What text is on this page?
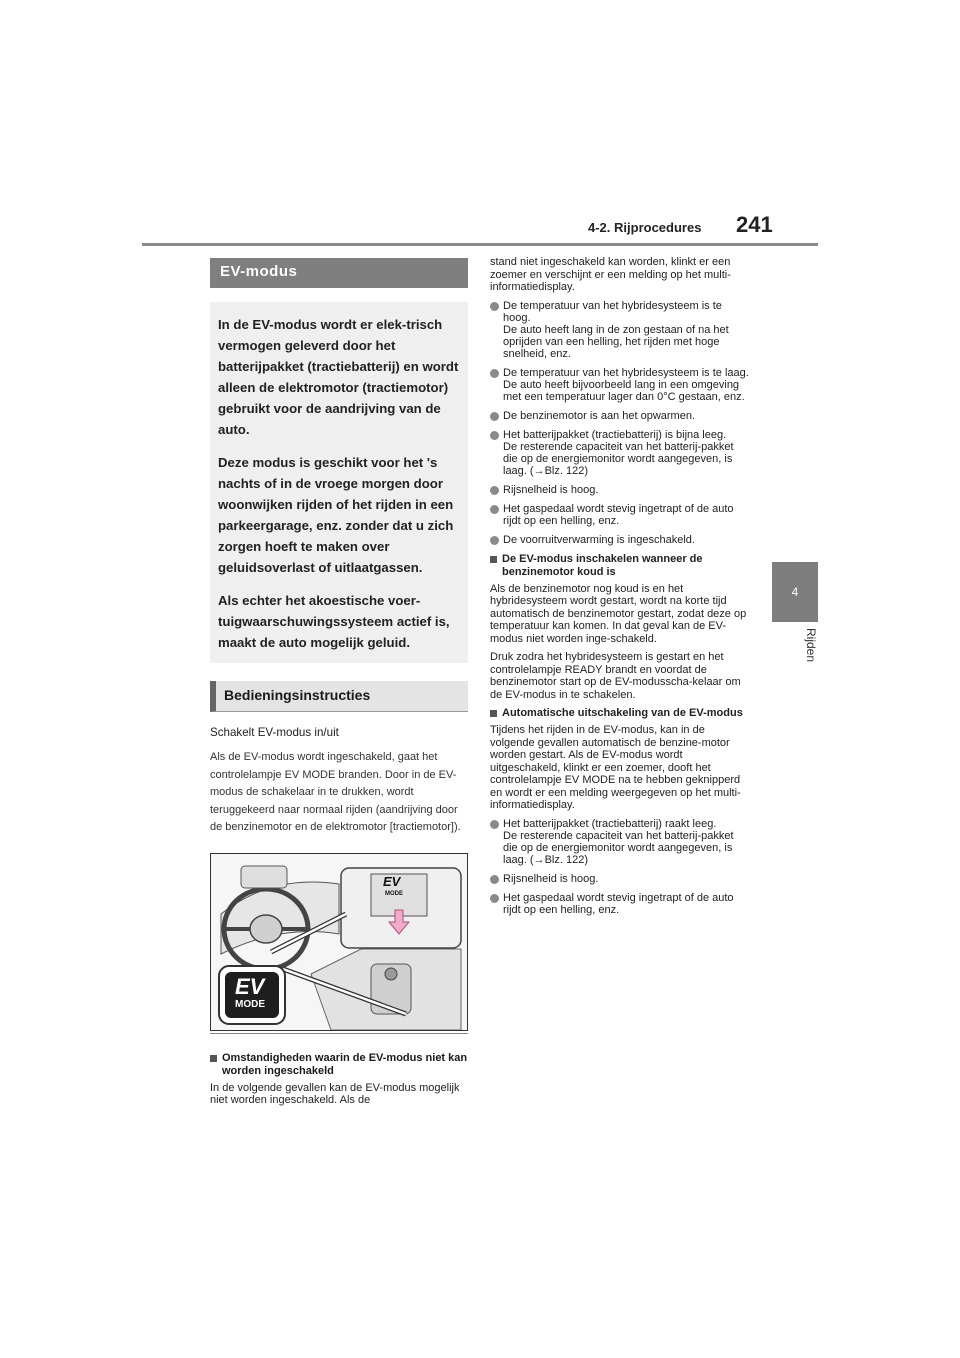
4-2. Rijprocedures 241
4
Rijden
EV-modus

In de EV-modus wordt er elek-trisch vermogen geleverd door het batterijpakket (tractiebatterij) en wordt alleen de elektromotor (tractiemotor) gebruikt voor de aandrijving van de auto.

Deze modus is geschikt voor het 's nachts of in de vroege morgen door woonwijken rijden of het rijden in een parkeergarage, enz. zonder dat u zich zorgen hoeft te maken over geluidsoverlast of uitlaatgassen.

Als echter het akoestische voer-tuigwaarschuwingssysteem actief is, maakt de auto mogelijk geluid.

Bedieningsinstructies
Schakelt EV-modus in/uit
Als de EV-modus wordt ingeschakeld, gaat het controlelampje EV MODE branden. Door in de EV-modus de schakelaar in te drukken, wordt teruggekeerd naar normaal rijden (aandrijving door de benzinemotor en de elektromotor [tractiemotor]).
EV
MODE
EV
MODE
Omstandigheden waarin de EV-modus niet kan worden ingeschakeld
In de volgende gevallen kan de EV-modus mogelijk niet worden ingeschakeld. Als de
stand niet ingeschakeld kan worden, klinkt er een zoemer en verschijnt er een melding op het multi-informatiedisplay.
De temperatuur van het hybridesysteem is te hoog.
De auto heeft lang in de zon gestaan of na het oprijden van een helling, het rijden met hoge snelheid, enz.
De temperatuur van het hybridesysteem is te laag.
De auto heeft bijvoorbeeld lang in een omgeving met een temperatuur lager dan 0°C gestaan, enz.
De benzinemotor is aan het opwarmen.
Het batterijpakket (tractiebatterij) is bijna leeg.
De resterende capaciteit van het batterij-pakket die op de energiemonitor wordt aangegeven, is laag. (→Blz. 122)
Rijsnelheid is hoog.
Het gaspedaal wordt stevig ingetrapt of de auto rijdt op een helling, enz.
De voorruitverwarming is ingeschakeld.
De EV-modus inschakelen wanneer de benzinemotor koud is
Als de benzinemotor nog koud is en het hybridesysteem wordt gestart, wordt na korte tijd automatisch de benzinemotor gestart, zodat deze op temperatuur kan komen. In dat geval kan de EV-modus niet worden inge-schakeld.
Druk zodra het hybridesysteem is gestart en het controlelampje READY brandt en voordat de benzinemotor start op de EV-modusscha-kelaar om de EV-modus in te schakelen.
Automatische uitschakeling van de EV-modus
Tijdens het rijden in de EV-modus, kan in de volgende gevallen automatisch de benzine-motor worden gestart. Als de EV-modus wordt uitgeschakeld, klinkt er een zoemer, dooft het controlelampje EV MODE na te hebben geknipperd en wordt er een melding weergegeven op het multi-informatiedisplay.
Het batterijpakket (tractiebatterij) raakt leeg.
De resterende capaciteit van het batterij-pakket die op de energiemonitor wordt aangegeven, is laag. (→Blz. 122)
Rijsnelheid is hoog.
Het gaspedaal wordt stevig ingetrapt of de auto rijdt op een helling, enz.
